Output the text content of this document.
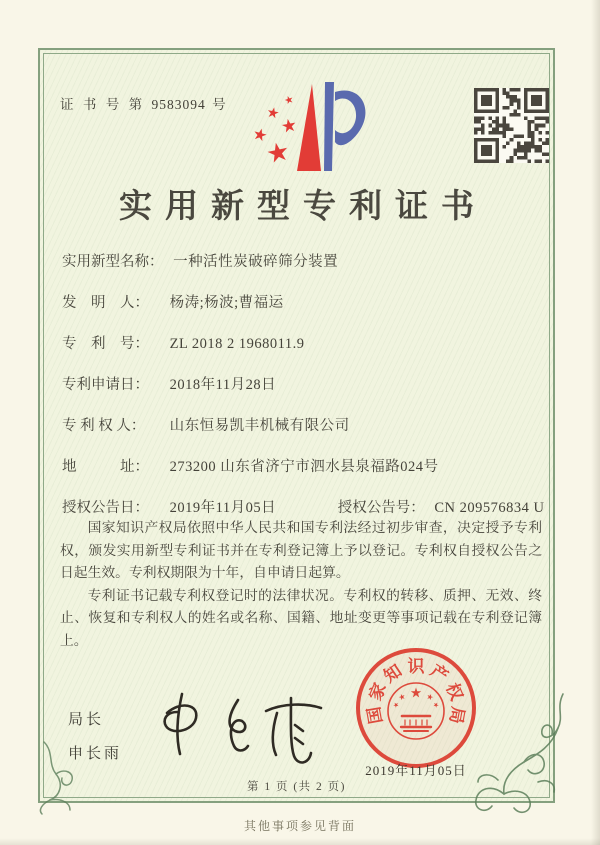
证 书 号 第 9583094 号
实用新型专利证书
实用新型名称： 一种活性炭破碎筛分装置
发　明　人： 杨涛;杨波;曹福运
专　利　号： ZL 2018 2 1968011.9
专利申请日： 2018年11月28日
专 利 权 人： 山东恒易凯丰机械有限公司
地　　　址： 273200 山东省济宁市泗水县泉福路024号
授权公告日： 2019年11月05日	授权公告号： CN 209576834 U

国家知识产权局依照中华人民共和国专利法经过初步审查，决定授予专利权，颁发实用新型专利证书并在专利登记簿上予以登记。专利权自授权公告之日起生效。专利权期限为十年，自申请日起算。

专利证书记载专利权登记时的法律状况。专利权的转移、质押、无效、终止、恢复和专利权人的姓名或名称、国籍、地址变更等事项记载在专利登记簿上。

局长
申长雨
国
家
知 识 产
权
局
2019年11月05日
第 1 页 (共 2 页)
其他事项参见背面
